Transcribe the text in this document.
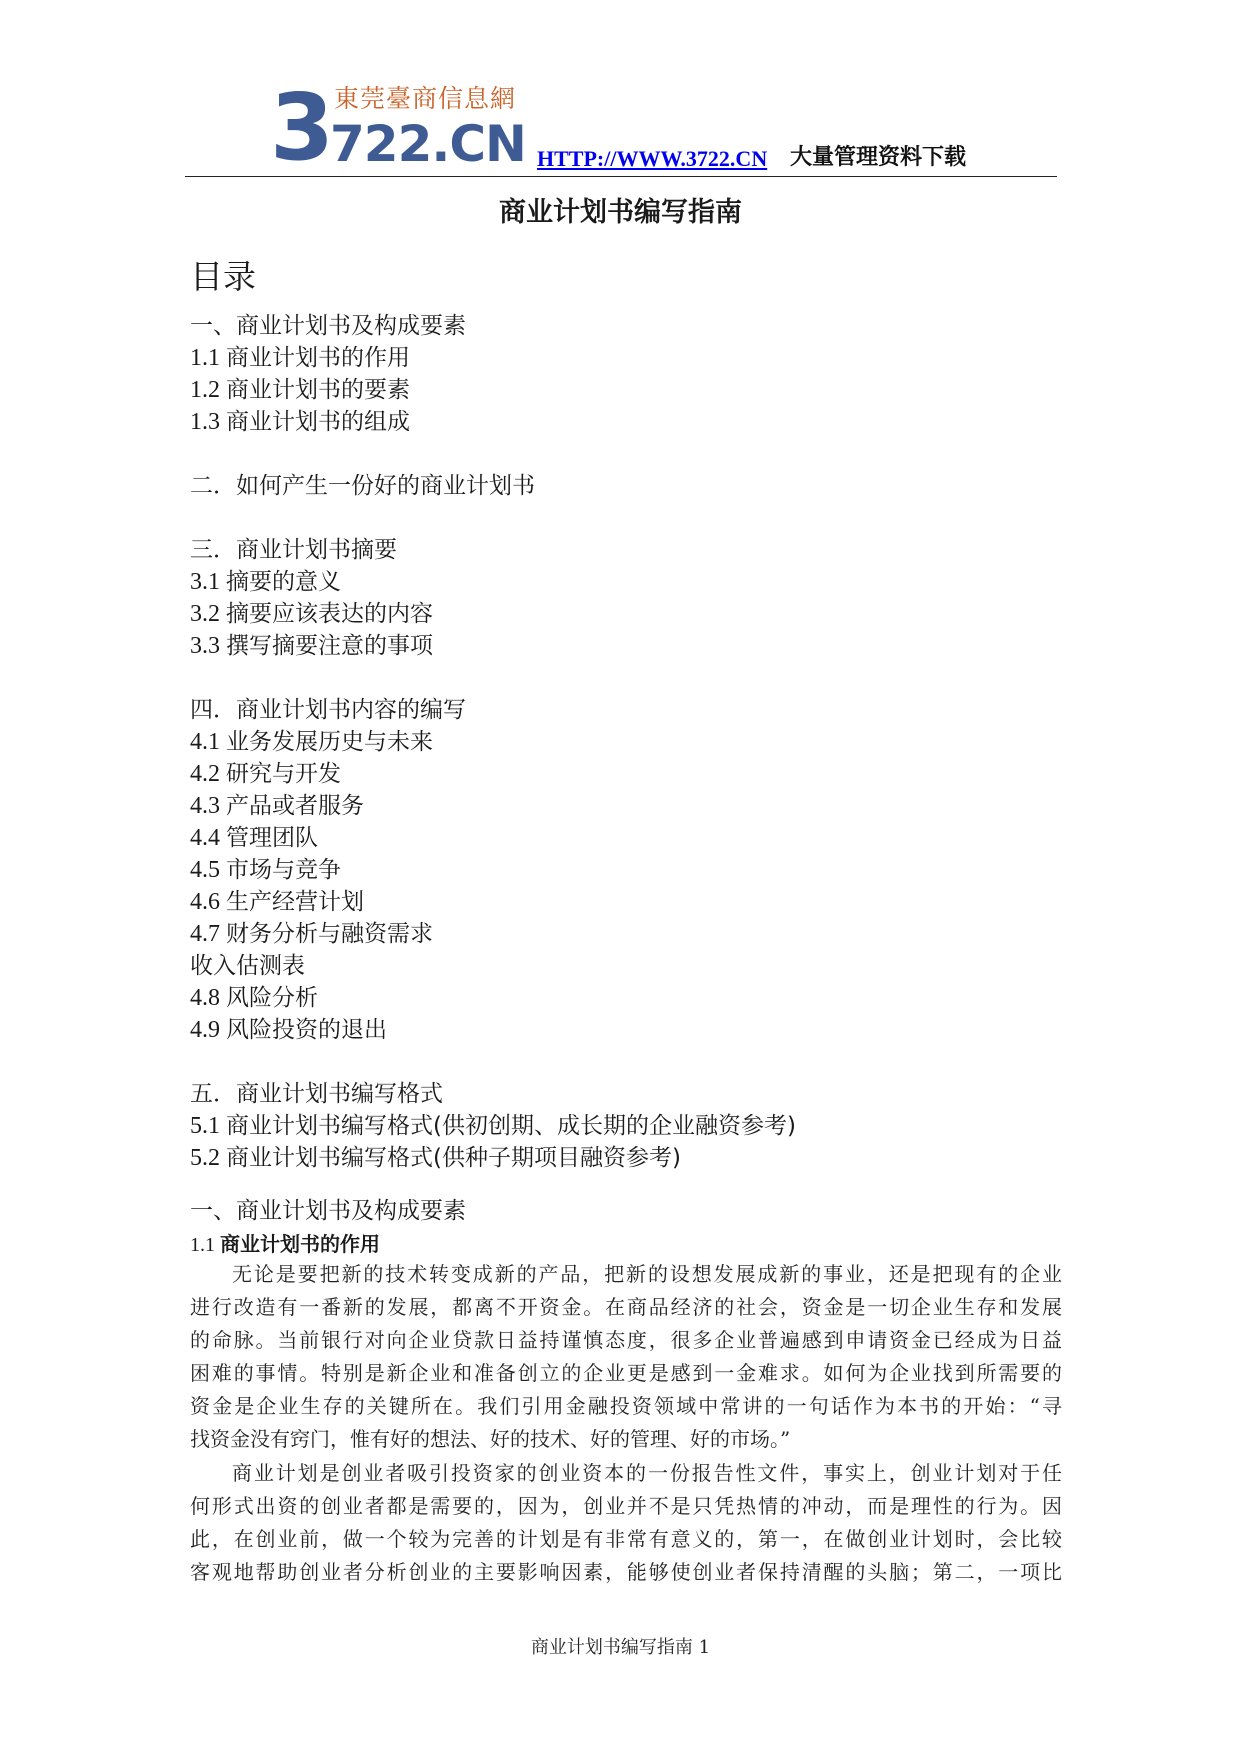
3 東莞臺商信息網
722.CN HTTP://WWW.3722.CN 大量管理资料下载
商业计划书编写指南
目录
一、商业计划书及构成要素
1.1 商业计划书的作用
1.2 商业计划书的要素
1.3 商业计划书的组成
二．如何产生一份好的商业计划书
三．商业计划书摘要
3.1 摘要的意义
3.2 摘要应该表达的内容
3.3 撰写摘要注意的事项
四．商业计划书内容的编写
4.1 业务发展历史与未来
4.2 研究与开发
4.3 产品或者服务
4.4 管理团队
4.5 市场与竞争
4.6 生产经营计划
4.7 财务分析与融资需求
收入估测表
4.8 风险分析
4.9 风险投资的退出
五．商业计划书编写格式
5.1 商业计划书编写格式(供初创期、成长期的企业融资参考)
5.2 商业计划书编写格式(供种子期项目融资参考)
一、商业计划书及构成要素
1.1 商业计划书的作用
无论是要把新的技术转变成新的产品，把新的设想发展成新的事业，还是把现有的企业
进行改造有一番新的发展，都离不开资金。在商品经济的社会，资金是一切企业生存和发展
的命脉。当前银行对向企业贷款日益持谨慎态度，很多企业普遍感到申请资金已经成为日益
困难的事情。特别是新企业和准备创立的企业更是感到一金难求。如何为企业找到所需要的
资金是企业生存的关键所在。我们引用金融投资领域中常讲的一句话作为本书的开始：“寻
找资金没有窍门，惟有好的想法、好的技术、好的管理、好的市场。”
商业计划是创业者吸引投资家的创业资本的一份报告性文件，事实上，创业计划对于任
何形式出资的创业者都是需要的，因为，创业并不是只凭热情的冲动，而是理性的行为。因
此，在创业前，做一个较为完善的计划是有非常有意义的，第一，在做创业计划时，会比较
客观地帮助创业者分析创业的主要影响因素，能够使创业者保持清醒的头脑；第二，一项比
商业计划书编写指南 1
